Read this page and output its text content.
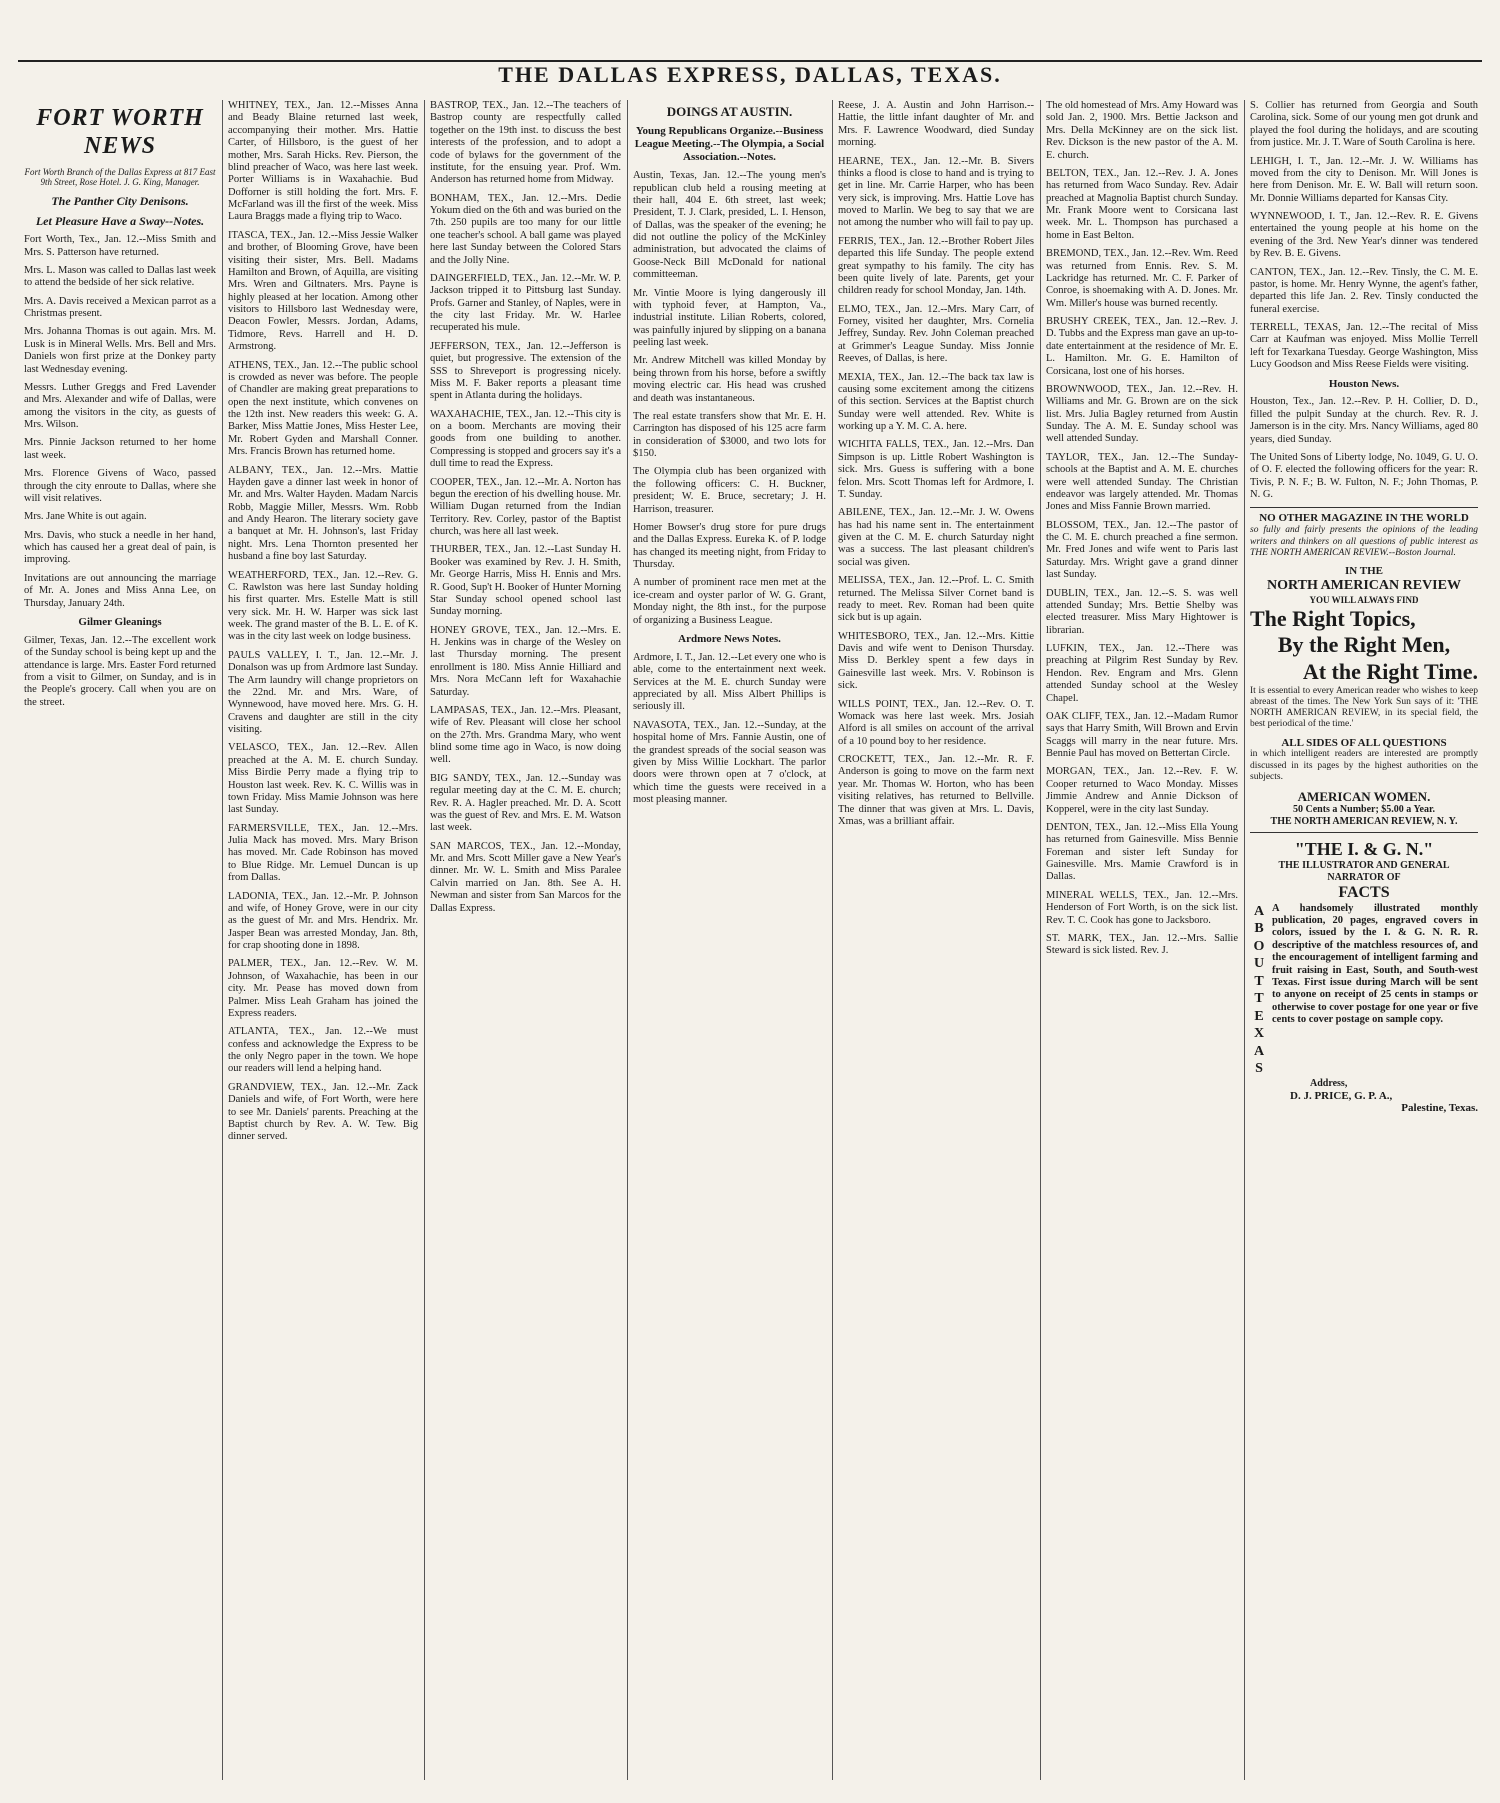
THE DALLAS EXPRESS, DALLAS, TEXAS.
FORT WORTH NEWS

Fort Worth Branch of the Dallas Express at 817 East 9th Street, Rose Hotel. J. G. King, Manager.

The Panther City Denisons.
Let Pleasure Have a Sway--Notes.

Fort Worth, Tex., Jan. 12.--Miss Smith and Mrs. S. Patterson have returned.

Mrs. L. Mason was called to Dallas last week to attend the bedside of her sick relative.

Mrs. A. Davis received a Mexican parrot as a Christmas present.

Mrs. Johanna Thomas is out again. Mrs. M. Lusk is in Mineral Wells. Mrs. Bell and Mrs. Daniels won first prize at the Donkey party last Wednesday evening.

Messrs. Luther Greggs and Fred Lavender and Mrs. Alexander and wife of Dallas, were among the visitors in the city, as guests of Mrs. Wilson.

Mrs. Pinnie Jackson returned to her home last week.

Mrs. Florence Givens of Waco, passed through the city enroute to Dallas, where she will visit relatives.

Mrs. Jane White is out again.

Mrs. Davis, who stuck a needle in her hand, which has caused her a great deal of pain, is improving.

Invitations are out announcing the marriage of Mr. A. Jones and Miss Anna Lee, on Thursday, January 24th.

Gilmer Gleanings

Gilmer, Texas, Jan. 12.--The excellent work of the Sunday school is being kept up and the attendance is large. Mrs. Easter Ford returned from a visit to Gilmer, on Sunday, and is in the People's grocery. Call when you are on the street.

WHITNEY, TEX., Jan. 12.--Misses Anna and Beady Blaine returned last week, accompanying their mother. Mrs. Hattie Carter, of Hillsboro, is the guest of her mother, Mrs. Sarah Hicks. Rev. Pierson, the blind preacher of Waco, was here last week. Porter Williams is in Waxahachie. Bud Dofforner is still holding the fort. Mrs. F. McFarland was ill the first of the week. Miss Laura Braggs made a flying trip to Waco.

ITASCA, TEX., Jan. 12.--Miss Jessie Walker and brother, of Blooming Grove, have been visiting their sister, Mrs. Bell. Madams Hamilton and Brown, of Aquilla, are visiting Mrs. Wren and Giltnaters. Mrs. Payne is highly pleased at her location. Among other visitors to Hillsboro last Wednesday were, Deacon Fowler, Messrs. Jordan, Adams, Tidmore, Revs. Harrell and H. D. Armstrong.

ATHENS, TEX., Jan. 12.--The public school is crowded as never was before. The people of Chandler are making great preparations to open the next institute, which convenes on the 12th inst. New readers this week: G. A. Barker, Miss Mattie Jones, Miss Hester Lee, Mr. Robert Gyden and Marshall Conner. Mrs. Francis Brown has returned home.

ALBANY, TEX., Jan. 12.--Mrs. Mattie Hayden gave a dinner last week in honor of Mr. and Mrs. Walter Hayden. Madam Narcis Robb, Maggie Miller, Messrs. Wm. Robb and Andy Hearon. The literary society gave a banquet at Mr. H. Johnson's, last Friday night. Mrs. Lena Thornton presented her husband a fine boy last Saturday.

WEATHERFORD, TEX., Jan. 12.--Rev. G. C. Rawlston was here last Sunday holding his first quarter. Mrs. Estelle Matt is still very sick. Mr. H. W. Harper was sick last week. The grand master of the B. L. E. of K. was in the city last week on lodge business.

PAULS VALLEY, I. T., Jan. 12.--Mr. J. Donalson was up from Ardmore last Sunday. The Arm laundry will change proprietors on the 22nd. Mr. and Mrs. Ware, of Wynnewood, have moved here. Mrs. G. H. Cravens and daughter are still in the city visiting.

VELASCO, TEX., Jan. 12.--Rev. Allen preached at the A. M. E. church Sunday. Miss Birdie Perry made a flying trip to Houston last week. Rev. K. C. Willis was in town Friday. Miss Mamie Johnson was here last Sunday.

FARMERSVILLE, TEX., Jan. 12.--Mrs. Julia Mack has moved. Mrs. Mary Brison has moved. Mr. Cade Robinson has moved to Blue Ridge. Mr. Lemuel Duncan is up from Dallas.

LADONIA, TEX., Jan. 12.--Mr. P. Johnson and wife, of Honey Grove, were in our city as the guest of Mr. and Mrs. Hendrix. Mr. Jasper Bean was arrested Monday, Jan. 8th, for crap shooting done in 1898.

PALMER, TEX., Jan. 12.--Rev. W. M. Johnson, of Waxahachie, has been in our city. Mr. Pease has moved down from Palmer. Miss Leah Graham has joined the Express readers.

ATLANTA, TEX., Jan. 12.--We must confess and acknowledge the Express to be the only Negro paper in the town. We hope our readers will lend a helping hand.

GRANDVIEW, TEX., Jan. 12.--Mr. Zack Daniels and wife, of Fort Worth, were here to see Mr. Daniels' parents. Preaching at the Baptist church by Rev. A. W. Tew. Big dinner served.

BASTROP, TEX., Jan. 12.--The teachers of Bastrop county are respectfully called together on the 19th inst. to discuss the best interests of the profession, and to adopt a code of bylaws for the government of the institute, for the ensuing year. Prof. Wm. Anderson has returned home from Midway.

BONHAM, TEX., Jan. 12.--Mrs. Dedie Yokum died on the 6th and was buried on the 7th. 250 pupils are too many for our little one teacher's school. A ball game was played here last Sunday between the Colored Stars and the Jolly Nine.

DAINGERFIELD, TEX., Jan. 12.--Mr. W. P. Jackson tripped it to Pittsburg last Sunday. Profs. Garner and Stanley, of Naples, were in the city last Friday. Mr. W. Harlee recuperated his mule.

JEFFERSON, TEX., Jan. 12.--Jefferson is quiet, but progressive. The extension of the SSS to Shreveport is progressing nicely. Miss M. F. Baker reports a pleasant time spent in Atlanta during the holidays.

WAXAHACHIE, TEX., Jan. 12.--This city is on a boom. Merchants are moving their goods from one building to another. Compressing is stopped and grocers say it's a dull time to read the Express.

COOPER, TEX., Jan. 12.--Mr. A. Norton has begun the erection of his dwelling house. Mr. William Dugan returned from the Indian Territory. Rev. Corley, pastor of the Baptist church, was here all last week.

THURBER, TEX., Jan. 12.--Last Sunday H. Booker was examined by Rev. J. H. Smith, Mr. George Harris, Miss H. Ennis and Mrs. R. Good, Sup't H. Booker of Hunter Morning Star Sunday school opened school last Sunday morning.

HONEY GROVE, TEX., Jan. 12.--Mrs. E. H. Jenkins was in charge of the Wesley on last Thursday morning. The present enrollment is 180. Miss Annie Hilliard and Mrs. Nora McCann left for Waxahachie Saturday.

LAMPASAS, TEX., Jan. 12.--Mrs. Pleasant, wife of Rev. Pleasant will close her school on the 27th. Mrs. Grandma Mary, who went blind some time ago in Waco, is now doing well.

BIG SANDY, TEX., Jan. 12.--Sunday was regular meeting day at the C. M. E. church; Rev. R. A. Hagler preached. Mr. D. A. Scott was the guest of Rev. and Mrs. E. M. Watson last week.

SAN MARCOS, TEX., Jan. 12.--Monday, Mr. and Mrs. Scott Miller gave a New Year's dinner. Mr. W. L. Smith and Miss Paralee Calvin married on Jan. 8th. See A. H. Newman and sister from San Marcos for the Dallas Express.

DOINGS AT AUSTIN.
Young Republicans Organize.--Business League Meeting.--The Olympia, a Social Association.--Notes.

Austin, Texas, Jan. 12.--The young men's republican club held a rousing meeting at their hall, 404 E. 6th street, last week; President, T. J. Clark, presided, L. I. Henson, of Dallas, was the speaker of the evening; he did not outline the policy of the McKinley administration, but advocated the claims of Goose-Neck Bill McDonald for national committeeman.

Mr. Vintie Moore is lying dangerously ill with typhoid fever, at Hampton, Va., industrial institute. Lilian Roberts, colored, was painfully injured by slipping on a banana peeling last week.

Mr. Andrew Mitchell was killed Monday by being thrown from his horse, before a swiftly moving electric car. His head was crushed and death was instantaneous.

The real estate transfers show that Mr. E. H. Carrington has disposed of his 125 acre farm in consideration of $3000, and two lots for $150.

The Olympia club has been organized with the following officers: C. H. Buckner, president; W. E. Bruce, secretary; J. H. Harrison, treasurer.

Homer Bowser's drug store for pure drugs and the Dallas Express. Eureka K. of P. lodge has changed its meeting night, from Friday to Thursday.

A number of prominent race men met at the ice-cream and oyster parlor of W. G. Grant, Monday night, the 8th inst., for the purpose of organizing a Business League.

Ardmore News Notes.

Ardmore, I. T., Jan. 12.--Let every one who is able, come to the entertainment next week. Services at the M. E. church Sunday were appreciated by all. Miss Albert Phillips is seriously ill.

NAVASOTA, TEX., Jan. 12.--Sunday, at the hospital home of Mrs. Fannie Austin, one of the grandest spreads of the social season was given by Miss Willie Lockhart. The parlor doors were thrown open at 7 o'clock, at which time the guests were received in a most pleasing manner.

Reese, J. A. Austin and John Harrison.--Hattie, the little infant daughter of Mr. and Mrs. F. Lawrence Woodward, died Sunday morning.

HEARNE, TEX., Jan. 12.--Mr. B. Sivers thinks a flood is close to hand and is trying to get in line. Mr. Carrie Harper, who has been very sick, is improving. Mrs. Hattie Love has moved to Marlin. We beg to say that we are not among the number who will fail to pay up.

FERRIS, TEX., Jan. 12.--Brother Robert Jiles departed this life Sunday. The people extend great sympathy to his family. The city has been quite lively of late. Parents, get your children ready for school Monday, Jan. 14th.

ELMO, TEX., Jan. 12.--Mrs. Mary Carr, of Forney, visited her daughter, Mrs. Cornelia Jeffrey, Sunday. Rev. John Coleman preached at Grimmer's League Sunday. Miss Jonnie Reeves, of Dallas, is here.

MEXIA, TEX., Jan. 12.--The back tax law is causing some excitement among the citizens of this section. Services at the Baptist church Sunday were well attended. Rev. White is working up a Y. M. C. A. here.

WICHITA FALLS, TEX., Jan. 12.--Mrs. Dan Simpson is up. Little Robert Washington is sick. Mrs. Guess is suffering with a bone felon. Mrs. Scott Thomas left for Ardmore, I. T. Sunday.

ABILENE, TEX., Jan. 12.--Mr. J. W. Owens has had his name sent in. The entertainment given at the C. M. E. church Saturday night was a success. The last pleasant children's social was given.

MELISSA, TEX., Jan. 12.--Prof. L. C. Smith returned. The Melissa Silver Cornet band is ready to meet. Rev. Roman had been quite sick but is up again.

WHITESBORO, TEX., Jan. 12.--Mrs. Kittie Davis and wife went to Denison Thursday. Miss D. Berkley spent a few days in Gainesville last week. Mrs. V. Robinson is sick.

WILLS POINT, TEX., Jan. 12.--Rev. O. T. Womack was here last week. Mrs. Josiah Alford is all smiles on account of the arrival of a 10 pound boy to her residence.

CROCKETT, TEX., Jan. 12.--Mr. R. F. Anderson is going to move on the farm next year. Mr. Thomas W. Horton, who has been visiting relatives, has returned to Bellville. The dinner that was given at Mrs. L. Davis, Xmas, was a brilliant affair.

The old homestead of Mrs. Amy Howard was sold Jan. 2, 1900. Mrs. Bettie Jackson and Mrs. Della McKinney are on the sick list. Rev. Dickson is the new pastor of the A. M. E. church.

BELTON, TEX., Jan. 12.--Rev. J. A. Jones has returned from Waco Sunday. Rev. Adair preached at Magnolia Baptist church Sunday. Mr. Frank Moore went to Corsicana last week. Mr. L. Thompson has purchased a home in East Belton.

BREMOND, TEX., Jan. 12.--Rev. Wm. Reed was returned from Ennis. Rev. S. M. Lackridge has returned. Mr. C. F. Parker of Conroe, is shoemaking with A. D. Jones. Mr. Wm. Miller's house was burned recently.

BRUSHY CREEK, TEX., Jan. 12.--Rev. J. D. Tubbs and the Express man gave an up-to-date entertainment at the residence of Mr. E. L. Hamilton. Mr. G. E. Hamilton of Corsicana, lost one of his horses.

BROWNWOOD, TEX., Jan. 12.--Rev. H. Williams and Mr. G. Brown are on the sick list. Mrs. Julia Bagley returned from Austin Sunday. The A. M. E. Sunday school was well attended Sunday.

TAYLOR, TEX., Jan. 12.--The Sunday-schools at the Baptist and A. M. E. churches were well attended Sunday. The Christian endeavor was largely attended. Mr. Thomas Jones and Miss Fannie Brown married.

BLOSSOM, TEX., Jan. 12.--The pastor of the C. M. E. church preached a fine sermon. Mr. Fred Jones and wife went to Paris last Saturday. Mrs. Wright gave a grand dinner last Sunday.

DUBLIN, TEX., Jan. 12.--S. S. was well attended Sunday; Mrs. Bettie Shelby was elected treasurer. Miss Mary Hightower is librarian.

LUFKIN, TEX., Jan. 12.--There was preaching at Pilgrim Rest Sunday by Rev. Hendon. Rev. Engram and Mrs. Glenn attended Sunday school at the Wesley Chapel.

OAK CLIFF, TEX., Jan. 12.--Madam Rumor says that Harry Smith, Will Brown and Ervin Scaggs will marry in the near future. Mrs. Bennie Paul has moved on Bettertan Circle.

MORGAN, TEX., Jan. 12.--Rev. F. W. Cooper returned to Waco Monday. Misses Jimmie Andrew and Annie Dickson of Kopperel, were in the city last Sunday.

DENTON, TEX., Jan. 12.--Miss Ella Young has returned from Gainesville. Miss Bennie Foreman and sister left Sunday for Gainesville. Mrs. Mamie Crawford is in Dallas.

MINERAL WELLS, TEX., Jan. 12.--Mrs. Henderson of Fort Worth, is on the sick list. Rev. T. C. Cook has gone to Jacksboro.

ST. MARK, TEX., Jan. 12.--Mrs. Sallie Steward is sick listed. Rev. J.

S. Collier has returned from Georgia and South Carolina, sick. Some of our young men got drunk and played the fool during the holidays, and are scouting from justice. Mr. J. T. Ware of South Carolina is here.

LEHIGH, I. T., Jan. 12.--Mr. J. W. Williams has moved from the city to Denison. Mr. Will Jones is here from Denison. Mr. E. W. Ball will return soon. Mr. Donnie Williams departed for Kansas City.

WYNNEWOOD, I. T., Jan. 12.--Rev. R. E. Givens entertained the young people at his home on the evening of the 3rd. New Year's dinner was tendered by Rev. B. E. Givens.

CANTON, TEX., Jan. 12.--Rev. Tinsly, the C. M. E. pastor, is home. Mr. Henry Wynne, the agent's father, departed this life Jan. 2. Rev. Tinsly conducted the funeral exercise.

TERRELL, TEXAS, Jan. 12.--The recital of Miss Carr at Kaufman was enjoyed. Miss Mollie Terrell left for Texarkana Tuesday. George Washington, Miss Lucy Goodson and Miss Reese Fields were visiting.

Houston News.

Houston, Tex., Jan. 12.--Rev. P. H. Collier, D. D., filled the pulpit Sunday at the church. Rev. R. J. Jamerson is in the city. Mrs. Nancy Williams, aged 80 years, died Sunday.

The United Sons of Liberty lodge, No. 1049, G. U. O. of O. F. elected the following officers for the year: R. Tivis, P. N. F.; B. W. Fulton, N. F.; John Thomas, P. N. G.

NO OTHER MAGAZINE IN THE WORLD

so fully and fairly presents the opinions of the leading writers and thinkers on all questions of public interest as THE NORTH AMERICAN REVIEW.--Boston Journal.

IN THE
NORTH AMERICAN REVIEW
YOU WILL ALWAYS FIND
The Right Topics,
By the Right Men,
At the Right Time.

It is essential to every American reader who wishes to keep abreast of the times. The New York Sun says of it: 'THE NORTH AMERICAN REVIEW, in its special field, the best periodical of the time.'

ALL SIDES OF ALL QUESTIONS

in which intelligent readers are interested are promptly discussed in its pages by the highest authorities on the subjects.

AMERICAN WOMEN.
50 Cents a Number; $5.00 a Year.
THE NORTH AMERICAN REVIEW, N. Y.
"THE I. & G. N."
THE ILLUSTRATOR AND GENERAL NARRATOR OF
FACTS
A
B
O
U
T
T
E
X
A
S

A handsomely illustrated monthly publication, 20 pages, engraved covers in colors, issued by the I. & G. N. R. R. descriptive of the matchless resources of, and the encouragement of intelligent farming and fruit raising in East, South, and South-west Texas. First issue during March will be sent to anyone on receipt of 25 cents in stamps or otherwise to cover postage for one year or five cents to cover postage on sample copy.

Address,
D. J. PRICE, G. P. A.,
Palestine, Texas.
